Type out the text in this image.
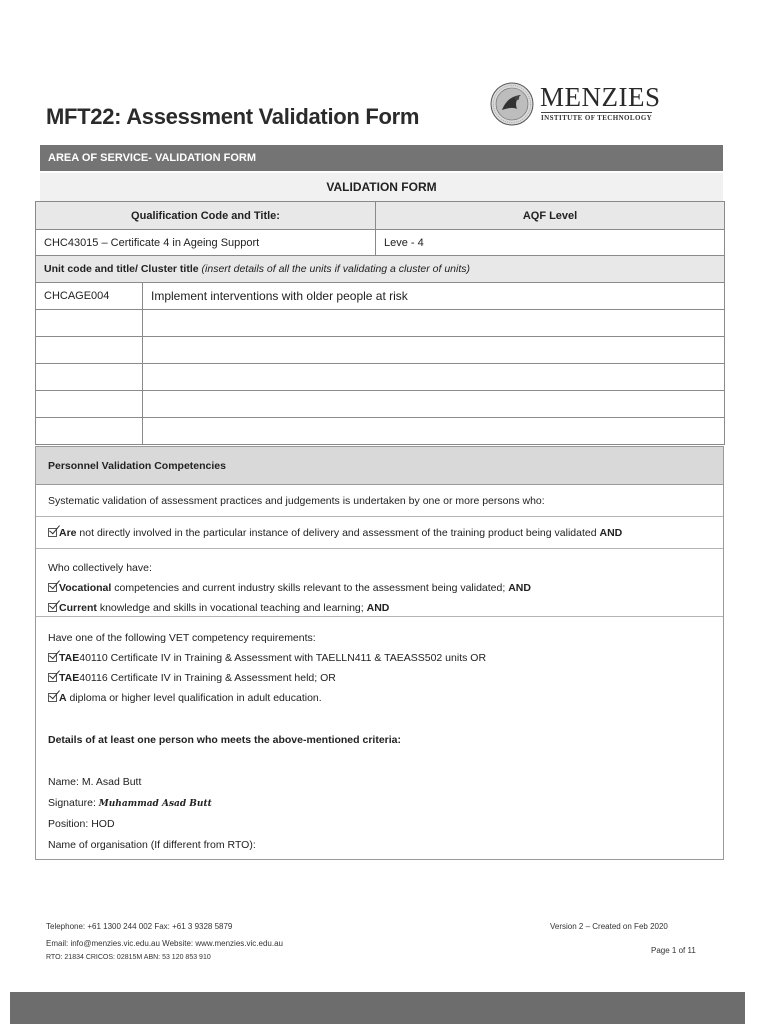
MFT22: Assessment Validation Form
MENZIES
INSTITUTE OF TECHNOLOGY
AREA OF SERVICE- VALIDATION FORM
VALIDATION FORM
Qualification Code and Title:		AQF Level
CHC43015 – Certificate 4 in Ageing Support		Leve - 4
Unit code and title/ Cluster title (insert details of all the units if validating a cluster of units)		
CHCAGE004	Implement interventions with older people at risk	

Personnel Validation Competencies
Systematic validation of assessment practices and judgements is undertaken by one or more persons who:
Are not directly involved in the particular instance of delivery and assessment of the training product being validated AND
Who collectively have:
Vocational competencies and current industry skills relevant to the assessment being validated; AND
Current knowledge and skills in vocational teaching and learning; AND
Have one of the following VET competency requirements:
TAE40110 Certificate IV in Training & Assessment with TAELLN411 & TAEASS502 units OR
TAE40116 Certificate IV in Training & Assessment held; OR
A diploma or higher level qualification in adult education.
Details of at least one person who meets the above-mentioned criteria:
Name: M. Asad Butt
Signature: Muhammad Asad Butt
Position: HOD
Name of organisation (If different from RTO):
Telephone: +61 1300 244 002 Fax: +61 3 9328 5879
Email: info@menzies.vic.edu.au Website: www.menzies.vic.edu.au
RTO: 21834 CRICOS: 02815M ABN: 53 120 853 910
Version 2 – Created on Feb 2020
Page 1 of 11
